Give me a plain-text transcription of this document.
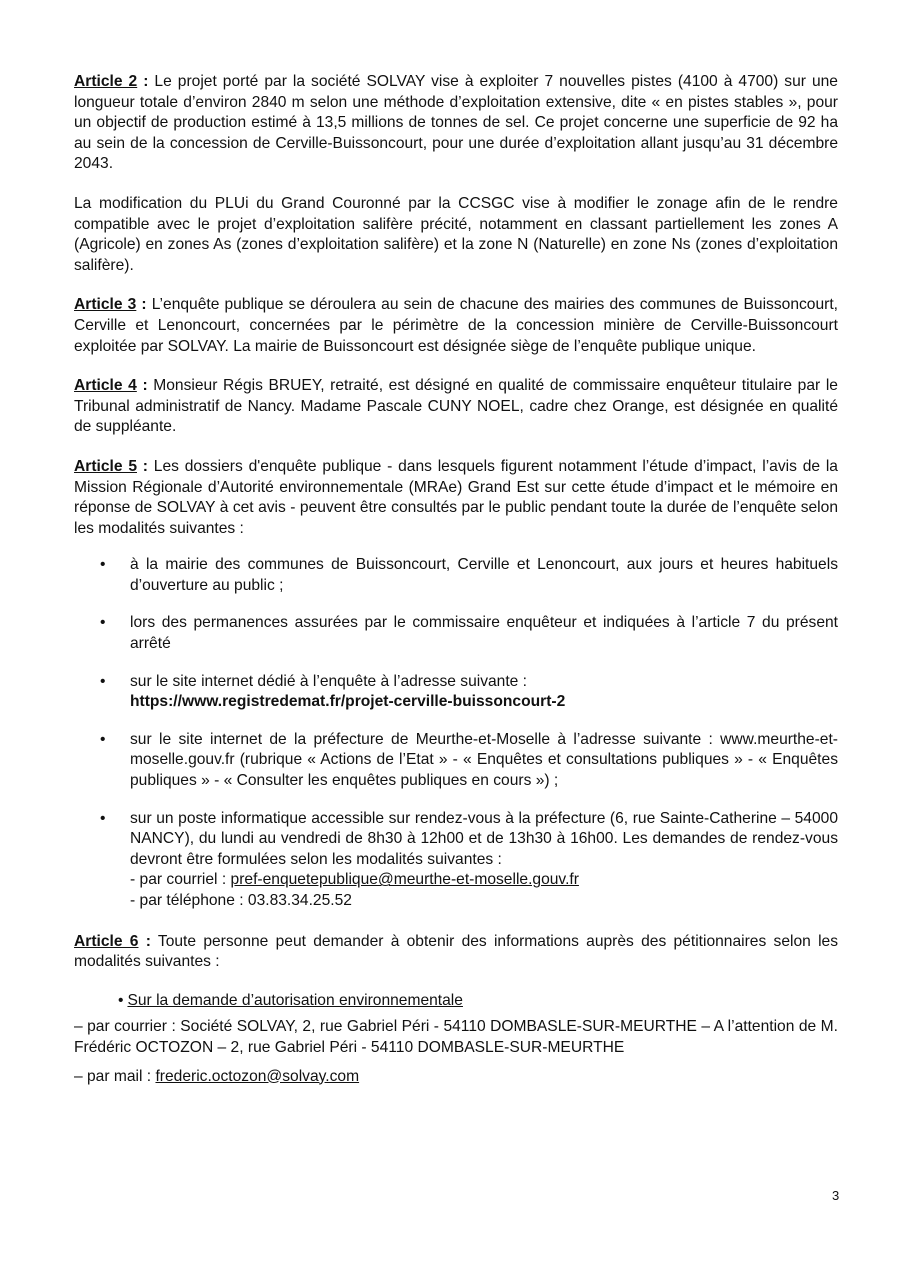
Article 2 : Le projet porté par la société SOLVAY vise à exploiter 7 nouvelles pistes (4100 à 4700) sur une longueur totale d’environ 2840 m selon une méthode d’exploitation extensive, dite « en pistes stables », pour un objectif de production estimé à 13,5 millions de tonnes de sel. Ce projet concerne une superficie de 92 ha au sein de la concession de Cerville-Buissoncourt, pour une durée d’exploitation allant jusqu’au 31 décembre 2043.

La modification du PLUi du Grand Couronné par la CCSGC vise à modifier le zonage afin de le rendre compatible avec le projet d’exploitation salifère précité, notamment en classant partiellement les zones A (Agricole) en zones As (zones d’exploitation salifère) et la zone N (Naturelle) en zone Ns (zones d’exploitation salifère).

Article 3 : L’enquête publique se déroulera au sein de chacune des mairies des communes de Buissoncourt, Cerville et Lenoncourt, concernées par le périmètre de la concession minière de Cerville-Buissoncourt exploitée par SOLVAY. La mairie de Buissoncourt est désignée siège de l’enquête publique unique.

Article 4 : Monsieur Régis BRUEY, retraité, est désigné en qualité de commissaire enquêteur titulaire par le Tribunal administratif de Nancy. Madame Pascale CUNY NOEL, cadre chez Orange, est désignée en qualité de suppléante.

Article 5 : Les dossiers d'enquête publique - dans lesquels figurent notamment l’étude d’impact, l’avis de la Mission Régionale d’Autorité environnementale (MRAe) Grand Est sur cette étude d’impact et le mémoire en réponse de SOLVAY à cet avis - peuvent être consultés par le public pendant toute la durée de l’enquête selon les modalités suivantes :

• à la mairie des communes de Buissoncourt, Cerville et Lenoncourt, aux jours et heures habituels d’ouverture au public ;
• lors des permanences assurées par le commissaire enquêteur et indiquées à l’article 7 du présent arrêté
• sur le site internet dédié à l’enquête à l’adresse suivante :
https://www.registredemat.fr/projet-cerville-buissoncourt-2
• sur le site internet de la préfecture de Meurthe-et-Moselle à l’adresse suivante : www.meurthe-et-moselle.gouv.fr (rubrique « Actions de l’Etat » - « Enquêtes et consultations publiques » - « Enquêtes publiques » - « Consulter les enquêtes publiques en cours ») ;
• sur un poste informatique accessible sur rendez-vous à la préfecture (6, rue Sainte-Catherine – 54000 NANCY), du lundi au vendredi de 8h30 à 12h00 et de 13h30 à 16h00. Les demandes de rendez-vous devront être formulées selon les modalités suivantes :
- par courriel : pref-enquetepublique@meurthe-et-moselle.gouv.fr
- par téléphone : 03.83.34.25.52

Article 6 : Toute personne peut demander à obtenir des informations auprès des pétitionnaires selon les modalités suivantes :

• Sur la demande d’autorisation environnementale

– par courrier : Société SOLVAY, 2, rue Gabriel Péri - 54110 DOMBASLE-SUR-MEURTHE – A l’attention de M. Frédéric OCTOZON – 2, rue Gabriel Péri - 54110 DOMBASLE-SUR-MEURTHE

– par mail : frederic.octozon@solvay.com

3
